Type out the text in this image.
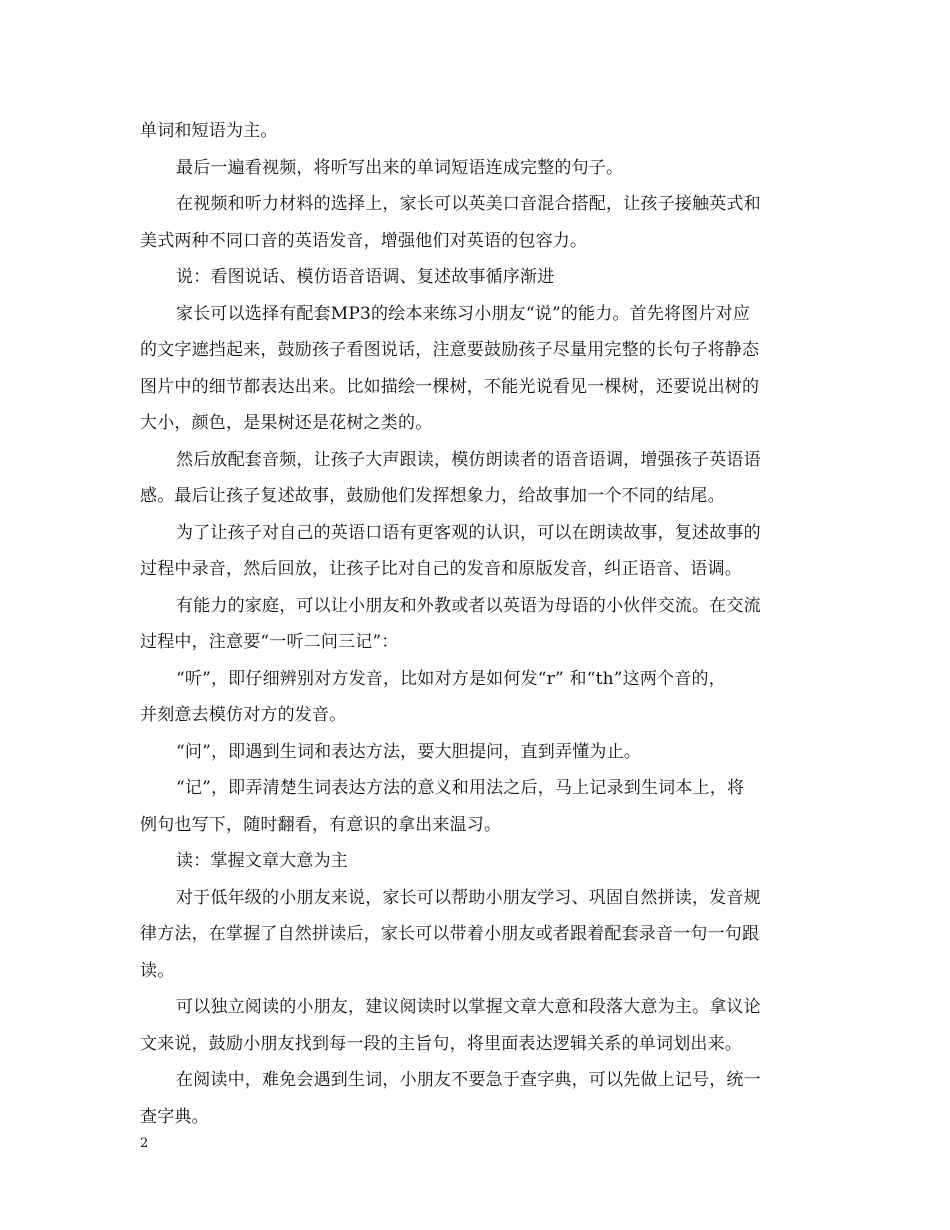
单词和短语为主。
最后一遍看视频，将听写出来的单词短语连成完整的句子。
在视频和听力材料的选择上，家长可以英美口音混合搭配，让孩子接触英式和
美式两种不同口音的英语发音，增强他们对英语的包容力。
说：看图说话、模仿语音语调、复述故事循序渐进
家长可以选择有配套MP3的绘本来练习小朋友“说”的能力。首先将图片对应
的文字遮挡起来，鼓励孩子看图说话，注意要鼓励孩子尽量用完整的长句子将静态
图片中的细节都表达出来。比如描绘一棵树，不能光说看见一棵树，还要说出树的
大小，颜色，是果树还是花树之类的。
然后放配套音频，让孩子大声跟读，模仿朗读者的语音语调，增强孩子英语语
感。最后让孩子复述故事，鼓励他们发挥想象力，给故事加一个不同的结尾。
为了让孩子对自己的英语口语有更客观的认识，可以在朗读故事，复述故事的
过程中录音，然后回放，让孩子比对自己的发音和原版发音，纠正语音、语调。
有能力的家庭，可以让小朋友和外教或者以英语为母语的小伙伴交流。在交流
过程中，注意要“一听二问三记”：
“听”，即仔细辨别对方发音，比如对方是如何发“r” 和“th”这两个音的，
并刻意去模仿对方的发音。
“问”，即遇到生词和表达方法，要大胆提问，直到弄懂为止。
“记”，即弄清楚生词表达方法的意义和用法之后，马上记录到生词本上，将
例句也写下，随时翻看，有意识的拿出来温习。
读：掌握文章大意为主
对于低年级的小朋友来说，家长可以帮助小朋友学习、巩固自然拼读，发音规
律方法，在掌握了自然拼读后，家长可以带着小朋友或者跟着配套录音一句一句跟
读。
可以独立阅读的小朋友，建议阅读时以掌握文章大意和段落大意为主。拿议论
文来说，鼓励小朋友找到每一段的主旨句，将里面表达逻辑关系的单词划出来。
在阅读中，难免会遇到生词，小朋友不要急于查字典，可以先做上记号，统一
查字典。
2
